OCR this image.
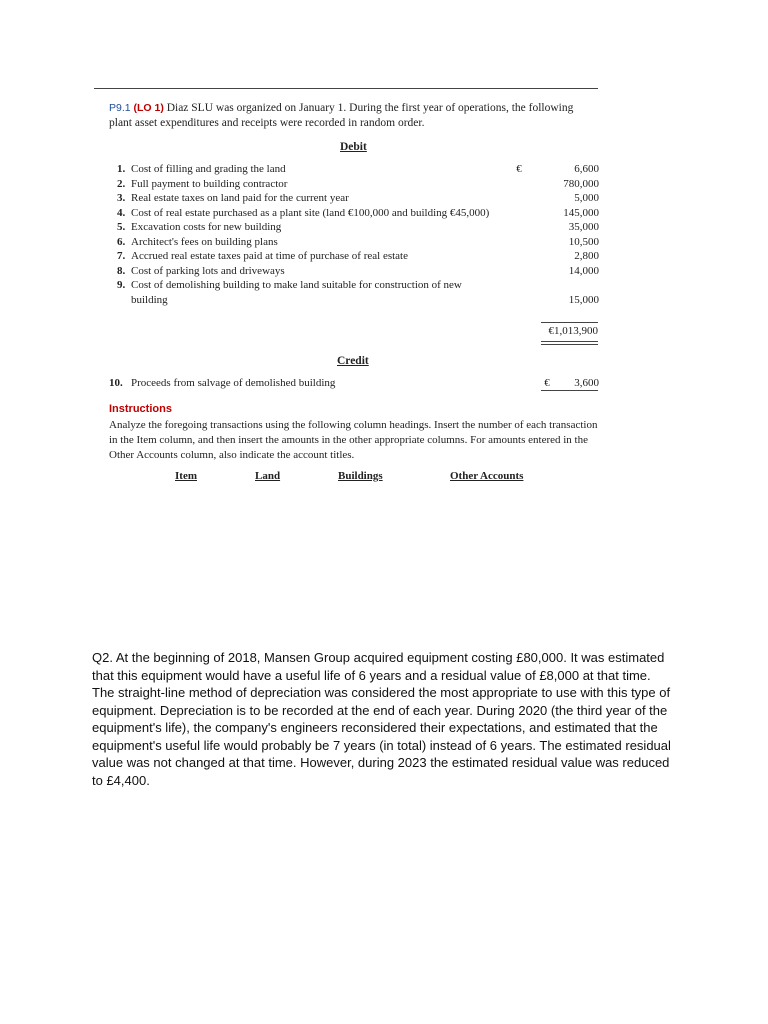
P9.1 (LO 1) Diaz SLU was organized on January 1. During the first year of operations, the following plant asset expenditures and receipts were recorded in random order.

Debit
1. Cost of filling and grading the land	€	6,600
2. Full payment to building contractor	780,000
3. Real estate taxes on land paid for the current year	5,000
4. Cost of real estate purchased as a plant site (land €100,000 and building €45,000)	145,000
5. Excavation costs for new building	35,000
6. Architect's fees on building plans	10,500
7. Accrued real estate taxes paid at time of purchase of real estate	2,800
8. Cost of parking lots and driveways	14,000
9. Cost of demolishing building to make land suitable for construction of new building	15,000
€1,013,900
Credit
10. Proceeds from salvage of demolished building	€ 3,600
Instructions
Analyze the foregoing transactions using the following column headings. Insert the number of each transaction in the Item column, and then insert the amounts in the other appropriate columns. For amounts entered in the Other Accounts column, also indicate the account titles.
Item	Land	Buildings	Other Accounts
Q2. At the beginning of 2018, Mansen Group acquired equipment costing £80,000. It was estimated that this equipment would have a useful life of 6 years and a residual value of £8,000 at that time. The straight-line method of depreciation was considered the most appropriate to use with this type of equipment. Depreciation is to be recorded at the end of each year. During 2020 (the third year of the equipment's life), the company's engineers reconsidered their expectations, and estimated that the equipment's useful life would probably be 7 years (in total) instead of 6 years. The estimated residual value was not changed at that time. However, during 2023 the estimated residual value was reduced to £4,400.
